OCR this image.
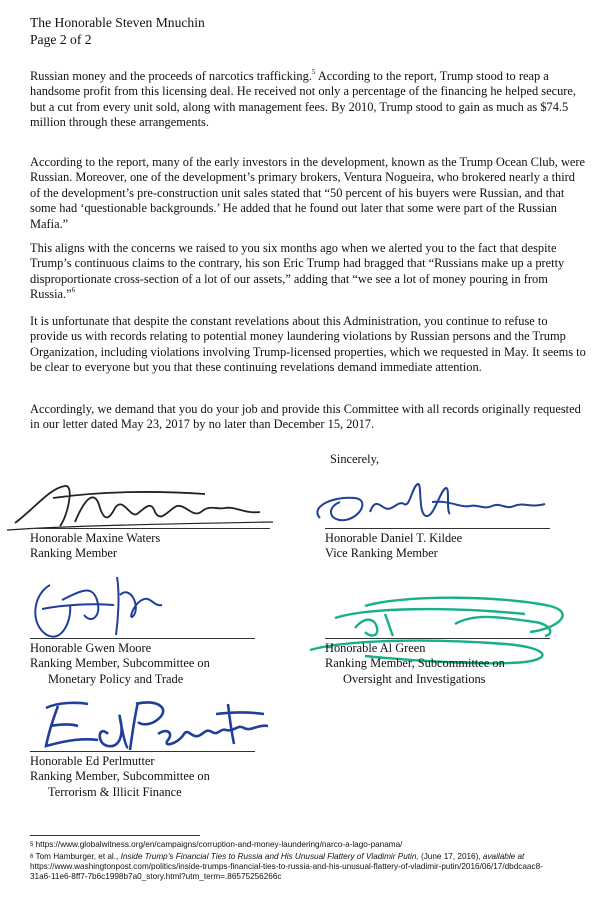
The Honorable Steven Mnuchin
Page 2 of 2

Russian money and the proceeds of narcotics trafficking.$^5$ According to the report, Trump stood to reap a handsome profit from this licensing deal. He received not only a percentage of the financing he helped secure, but a cut from every unit sold, along with management fees. By 2010, Trump stood to gain as much as $74.5 million through these arrangements.

According to the report, many of the early investors in the development, known as the Trump Ocean Club, were Russian. Moreover, one of the development’s primary brokers, Ventura Nogueira, who brokered nearly a third of the development’s pre-construction unit sales stated that “50 percent of his buyers were Russian, and that some had ‘questionable backgrounds.’ He added that he found out later that some were part of the Russian Mafia.”

This aligns with the concerns we raised to you six months ago when we alerted you to the fact that despite Trump’s continuous claims to the contrary, his son Eric Trump had bragged that “Russians make up a pretty disproportionate cross-section of a lot of our assets,” adding that “we see a lot of money pouring in from Russia.”$^6$

It is unfortunate that despite the constant revelations about this Administration, you continue to refuse to provide us with records relating to potential money laundering violations by Russian persons and the Trump Organization, including violations involving Trump-licensed properties, which we requested in May. It seems to be clear to everyone but you that these continuing revelations demand immediate attention.

Accordingly, we demand that you do your job and provide this Committee with all records originally requested in our letter dated May 23, 2017 by no later than December 15, 2017.

Sincerely,
Honorable Maxine Waters
Ranking Member
Honorable Daniel T. Kildee
Vice Ranking Member
Honorable Gwen Moore
Ranking Member, Subcommittee on
Monetary Policy and Trade
Honorable Al Green
Ranking Member, Subcommittee on
Oversight and Investigations
Honorable Ed Perlmutter
Ranking Member, Subcommittee on
Terrorism & Illicit Finance
$^5$ https://www.globalwitness.org/en/campaigns/corruption-and-money-laundering/narco-a-lago-panama/
$^6$ Tom Hamburger, et al., Inside Trump’s Financial Ties to Russia and His Unusual Flattery of Vladimir Putin, (June 17, 2016), available at
https://www.washingtonpost.com/politics/inside-trumps-financial-ties-to-russia-and-his-unusual-flattery-of-vladimir-putin/2016/06/17/dbdcaac8-
31a6-11e6-8ff7-7b6c1998b7a0_story.html?utm_term=.86575256266c
